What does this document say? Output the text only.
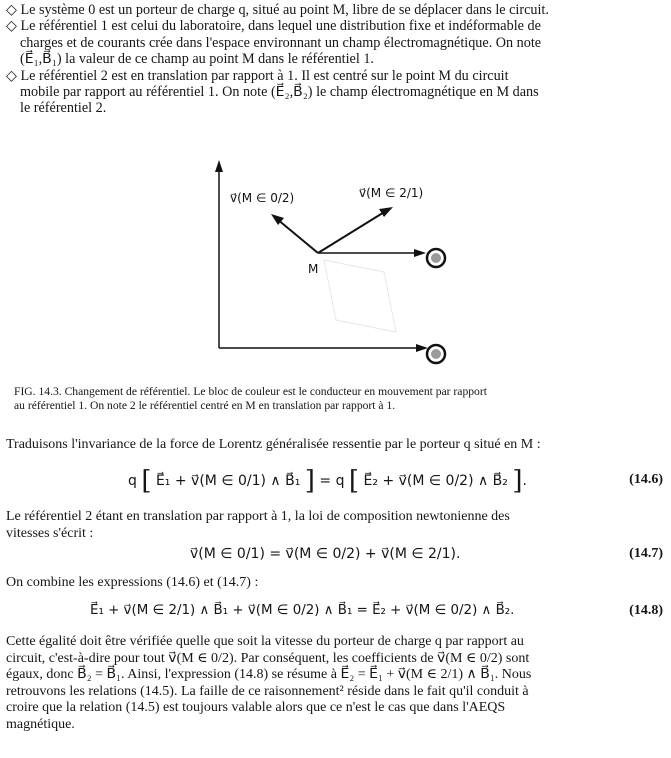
◇ Le système 0 est un porteur de charge q, situé au point M, libre de se déplacer dans le circuit.
◇ Le référentiel 1 est celui du laboratoire, dans lequel une distribution fixe et indéformable de
charges et de courants crée dans l'espace environnant un champ électromagnétique. On note
(E⃗₁,B⃗₁) la valeur de ce champ au point M dans le référentiel 1.
◇ Le référentiel 2 est en translation par rapport à 1. Il est centré sur le point M du circuit
mobile par rapport au référentiel 1. On note (E⃗₂,B⃗₂) le champ électromagnétique en M dans
le référentiel 2.
v⃗(M ∈ 0/2)	v⃗(M ∈ 2/1)
M
FIG. 14.3. Changement de référentiel. Le bloc de couleur est le conducteur en mouvement par rapport
au référentiel 1. On note 2 le référentiel centré en M en translation par rapport à 1.
Traduisons l'invariance de la force de Lorentz généralisée ressentie par le porteur q situé en M :
q [ E⃗₁ + v⃗(M ∈ 0/1) ∧ B⃗₁ ] = q [ E⃗₂ + v⃗(M ∈ 0/2) ∧ B⃗₂ ].	(14.6)
Le référentiel 2 étant en translation par rapport à 1, la loi de composition newtonienne des
vitesses s'écrit :
v⃗(M ∈ 0/1) = v⃗(M ∈ 0/2) + v⃗(M ∈ 2/1).	(14.7)
On combine les expressions (14.6) et (14.7) :
E⃗₁ + v⃗(M ∈ 2/1) ∧ B⃗₁ + v⃗(M ∈ 0/2) ∧ B⃗₁ = E⃗₂ + v⃗(M ∈ 0/2) ∧ B⃗₂.	(14.8)
Cette égalité doit être vérifiée quelle que soit la vitesse du porteur de charge q par rapport au
circuit, c'est-à-dire pour tout v⃗(M ∈ 0/2). Par conséquent, les coefficients de v⃗(M ∈ 0/2) sont
égaux, donc B⃗₂ = B⃗₁. Ainsi, l'expression (14.8) se résume à E⃗₂ = E⃗₁ + v⃗(M ∈ 2/1) ∧ B⃗₁. Nous
retrouvons les relations (14.5). La faille de ce raisonnement² réside dans le fait qu'il conduit à
croire que la relation (14.5) est toujours valable alors que ce n'est le cas que dans l'AEQS
magnétique.
